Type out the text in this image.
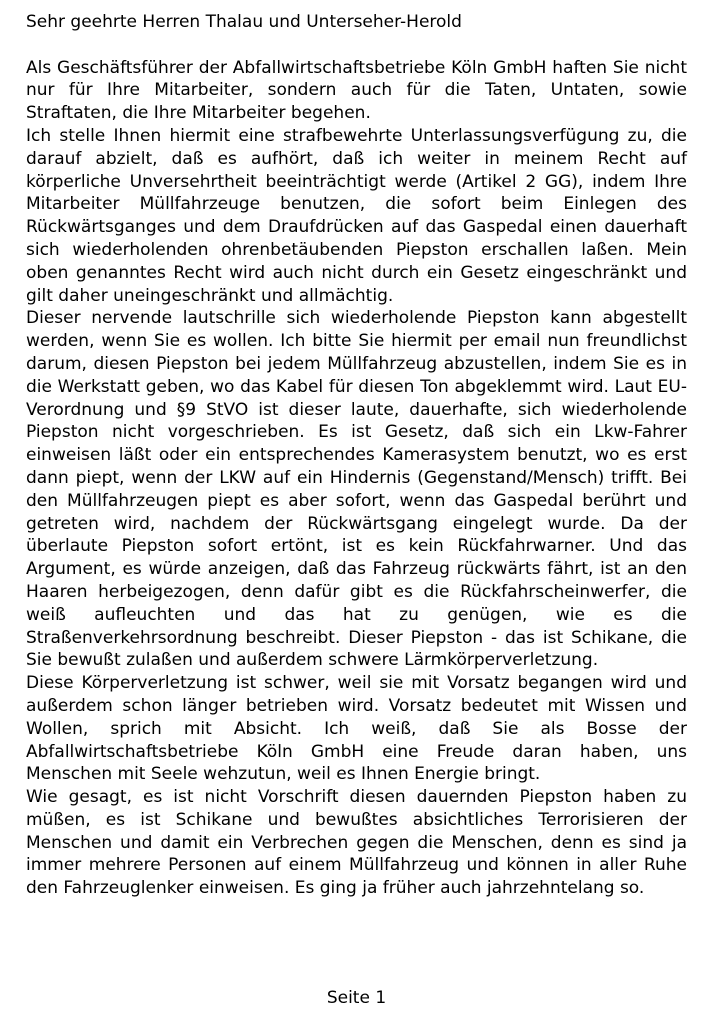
Sehr geehrte Herren Thalau und Unterseher-Herold

Als Geschäftsführer der Abfallwirtschaftsbetriebe Köln GmbH haften Sie nicht nur für Ihre Mitarbeiter, sondern auch für die Taten, Untaten, sowie Straftaten, die Ihre Mitarbeiter begehen.

Ich stelle Ihnen hiermit eine strafbewehrte Unterlassungsverfügung zu, die darauf abzielt, daß es aufhört, daß ich weiter in meinem Recht auf körperliche Unversehrtheit beeinträchtigt werde (Artikel 2 GG), indem Ihre Mitarbeiter Müllfahrzeuge benutzen, die sofort beim Einlegen des Rückwärtsganges und dem Draufdrücken auf das Gaspedal einen dauerhaft sich wiederholenden ohrenbetäubenden Piepston erschallen laßen. Mein oben genanntes Recht wird auch nicht durch ein Gesetz eingeschränkt und gilt daher uneingeschränkt und allmächtig.

Dieser nervende lautschrille sich wiederholende Piepston kann abgestellt werden, wenn Sie es wollen. Ich bitte Sie hiermit per email nun freundlichst darum, diesen Piepston bei jedem Müllfahrzeug abzustellen, indem Sie es in die Werkstatt geben, wo das Kabel für diesen Ton abgeklemmt wird. Laut EU-Verordnung und §9 StVO ist dieser laute, dauerhafte, sich wiederholende Piepston nicht vorgeschrieben. Es ist Gesetz, daß sich ein Lkw-Fahrer einweisen läßt oder ein entsprechendes Kamerasystem benutzt, wo es erst dann piept, wenn der LKW auf ein Hindernis (Gegenstand/Mensch) trifft. Bei den Müllfahrzeugen piept es aber sofort, wenn das Gaspedal berührt und getreten wird, nachdem der Rückwärtsgang eingelegt wurde. Da der überlaute Piepston sofort ertönt, ist es kein Rückfahrwarner. Und das Argument, es würde anzeigen, daß das Fahrzeug rückwärts fährt, ist an den Haaren herbeigezogen, denn dafür gibt es die Rückfahrscheinwerfer, die weiß aufleuchten und das hat zu genügen, wie es die Straßenverkehrsordnung beschreibt. Dieser Piepston - das ist Schikane, die Sie bewußt zulaßen und außerdem schwere Lärmkörperverletzung.

Diese Körperverletzung ist schwer, weil sie mit Vorsatz begangen wird und außerdem schon länger betrieben wird. Vorsatz bedeutet mit Wissen und Wollen, sprich mit Absicht. Ich weiß, daß Sie als Bosse der Abfallwirtschaftsbetriebe Köln GmbH eine Freude daran haben, uns Menschen mit Seele wehzutun, weil es Ihnen Energie bringt.

Wie gesagt, es ist nicht Vorschrift diesen dauernden Piepston haben zu müßen, es ist Schikane und bewußtes absichtliches Terrorisieren der Menschen und damit ein Verbrechen gegen die Menschen, denn es sind ja immer mehrere Personen auf einem Müllfahrzeug und können in aller Ruhe den Fahrzeuglenker einweisen. Es ging ja früher auch jahrzehntelang so.

Seite 1
